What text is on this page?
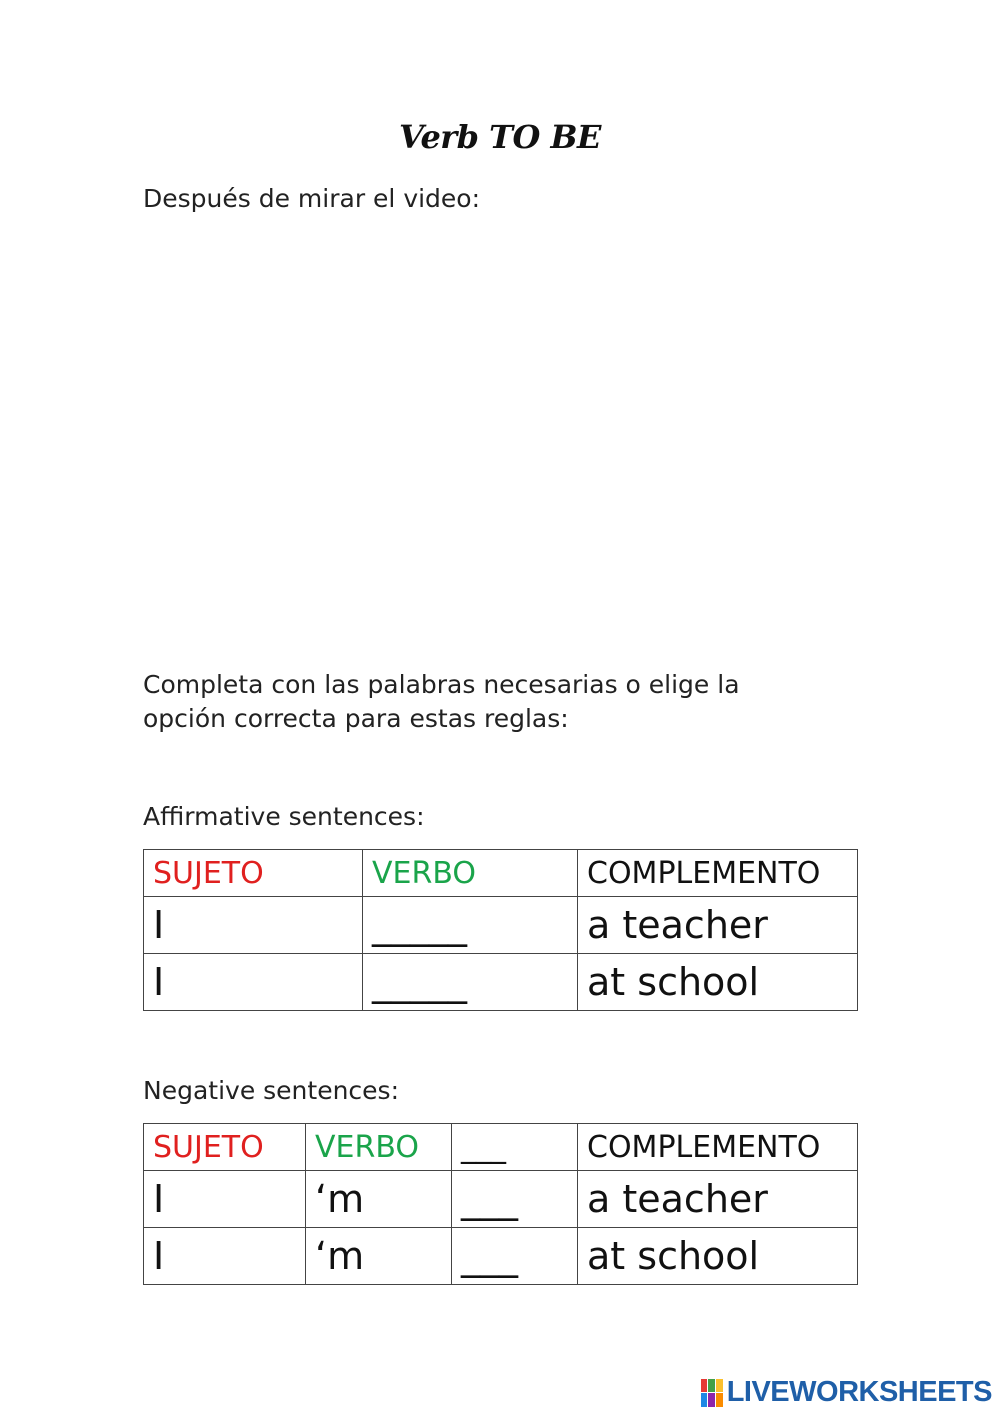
Verb TO BE
Después de mirar el video:
Completa con las palabras necesarias o elige la opción correcta para estas reglas:
Affirmative sentences:
SUJETO	VERBO	COMPLEMENTO
I	_____	a teacher
I	_____	at school
Negative sentences:
SUJETO	VERBO	___	COMPLEMENTO
I	‘m	___	a teacher
I	‘m	___	at school
LIVEWORKSHEETS
